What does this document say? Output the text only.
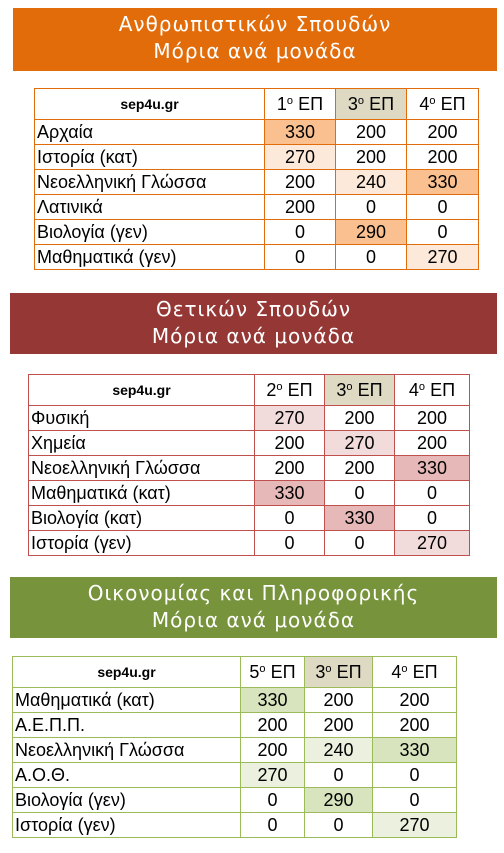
Ανθρωπιστικών Σπουδών
Μόρια ανά μονάδα
sep4u.gr	$1^o$ ΕΠ	$3^o$ ΕΠ	$4^o$ ΕΠ
Αρχαία	330	200	200
Ιστορία (κατ)	270	200	200
Νεοελληνική Γλώσσα	200	240	330
Λατινικά	200	0	0
Βιολογία (γεν)	0	290	0
Μαθηματικά (γεν)	0	0	270
Θετικών Σπουδών
Μόρια ανά μονάδα
sep4u.gr	$2^o$ ΕΠ	$3^o$ ΕΠ	$4^o$ ΕΠ
Φυσική	270	200	200
Χημεία	200	270	200
Νεοελληνική Γλώσσα	200	200	330
Μαθηματικά (κατ)	330	0	0
Βιολογία (κατ)	0	330	0
Ιστορία (γεν)	0	0	270
Οικονομίας και Πληροφορικής
Μόρια ανά μονάδα
sep4u.gr	$5^o$ ΕΠ	$3^o$ ΕΠ	$4^o$ ΕΠ
Μαθηματικά (κατ)	330	200	200
Α.Ε.Π.Π.	200	200	200
Νεοελληνική Γλώσσα	200	240	330
Α.Ο.Θ.	270	0	0
Βιολογία (γεν)	0	290	0
Ιστορία (γεν)	0	0	270
